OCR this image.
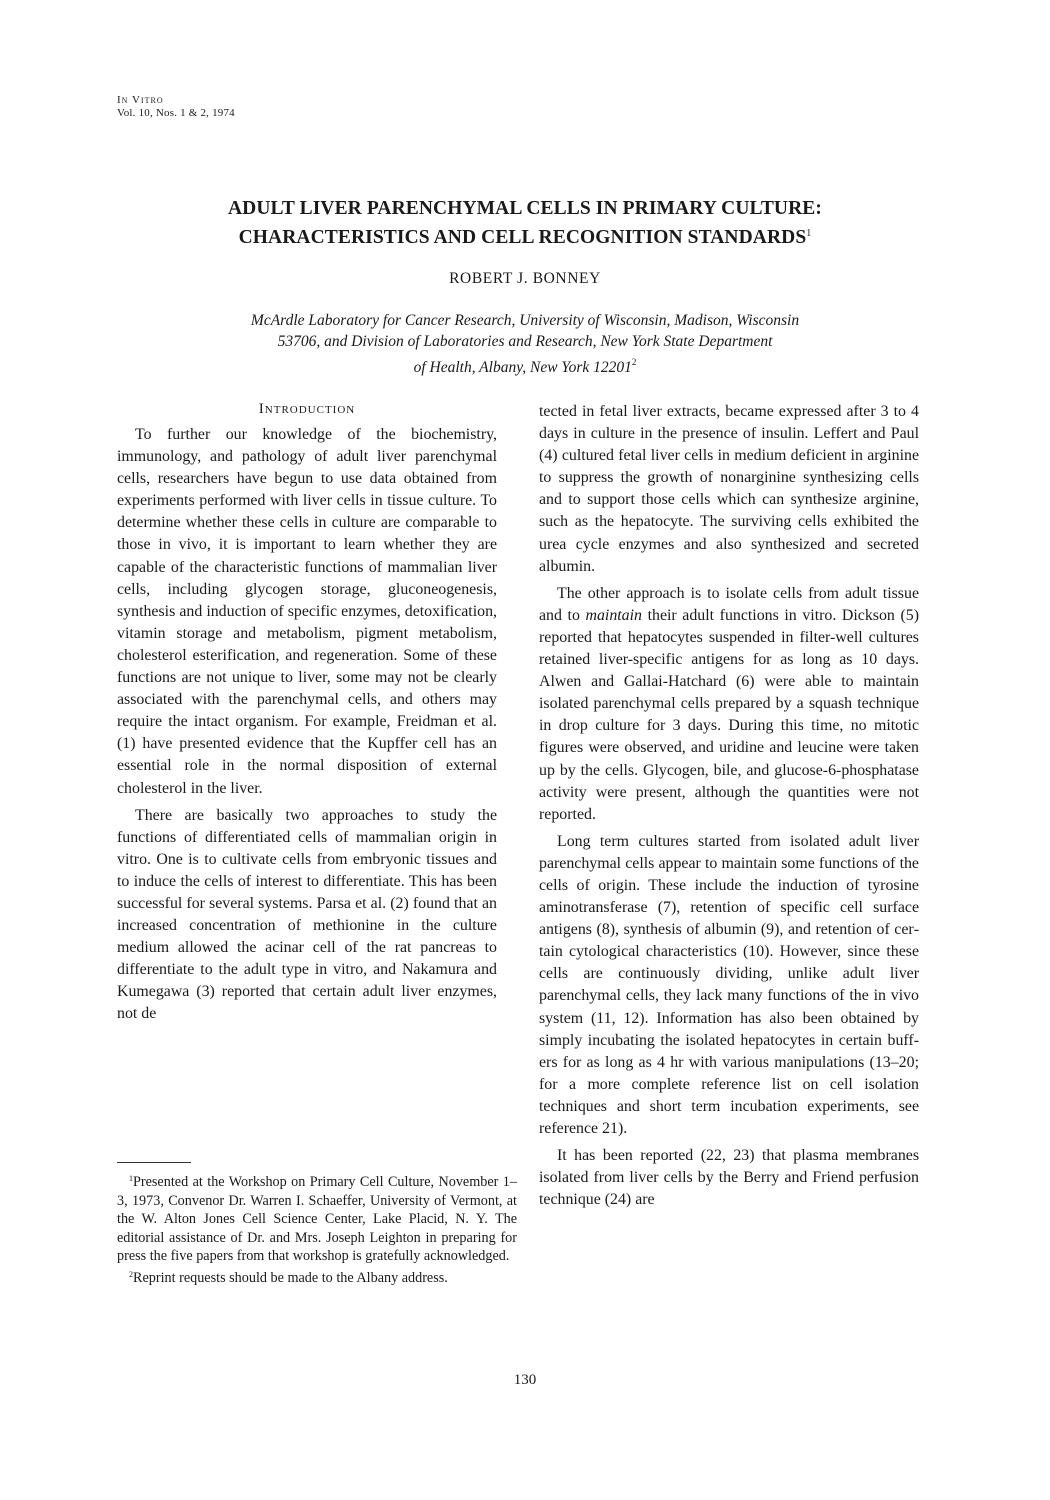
In Vitro
Vol. 10, Nos. 1 & 2, 1974
ADULT LIVER PARENCHYMAL CELLS IN PRIMARY CULTURE:
CHARACTERISTICS AND CELL RECOGNITION STANDARDS$^1$
ROBERT J. BONNEY
McArdle Laboratory for Cancer Research, University of Wisconsin, Madison, Wisconsin
53706, and Division of Laboratories and Research, New York State Department
of Health, Albany, New York 12201$^2$
Introduction

To further our knowledge of the biochemistry, immunology, and pathology of adult liver parenchymal cells, researchers have begun to use data obtained from experiments performed with liver cells in tissue culture. To determine whether these cells in culture are comparable to those in vivo, it is important to learn whether they are capable of the characteristic functions of mammalian liver cells, including glycogen storage, gluconeogenesis, synthesis and induction of specific enzymes, detoxification, vitamin storage and metabolism, pigment metabolism, cholesterol esterification, and regeneration. Some of these functions are not unique to liver, some may not be clearly associated with the parenchymal cells, and others may require the intact organism. For example, Freidman et al. (1) have presented evidence that the Kupffer cell has an essential role in the normal disposition of external cholesterol in the liver.

There are basically two approaches to study the functions of differentiated cells of mammalian origin in vitro. One is to cultivate cells from embryonic tissues and to induce the cells of interest to differentiate. This has been successful for several systems. Parsa et al. (2) found that an increased concentration of methionine in the culture medium allowed the acinar cell of the rat pancreas to differentiate to the adult type in vitro, and Nakamura and Kumegawa (3) reported that certain adult liver enzymes, not de

tected in fetal liver extracts, became expressed after 3 to 4 days in culture in the presence of insulin. Leffert and Paul (4) cultured fetal liver cells in medium deficient in arginine to suppress the growth of nonarginine synthesizing cells and to support those cells which can synthesize arginine, such as the hepatocyte. The surviving cells exhibited the urea cycle enzymes and also synthesized and secreted albumin.

The other approach is to isolate cells from adult tissue and to maintain their adult functions in vitro. Dickson (5) reported that hepatocytes suspended in filter-well cultures retained liver-specific antigens for as long as 10 days. Alwen and Gallai-Hatchard (6) were able to maintain isolated parenchymal cells prepared by a squash technique in drop culture for 3 days. During this time, no mitotic figures were observed, and uridine and leucine were taken up by the cells. Glycogen, bile, and glucose-6-phosphatase activity were present, although the quantities were not reported.

Long term cultures started from isolated adult liver parenchymal cells appear to maintain some functions of the cells of origin. These include the induction of tyrosine aminotransferase (7), retention of specific cell surface antigens (8), synthesis of albumin (9), and retention of certain cytological characteristics (10). However, since these cells are continuously dividing, unlike adult liver parenchymal cells, they lack many functions of the in vivo system (11, 12). Information has also been obtained by simply incubating the isolated hepatocytes in certain buffers for as long as 4 hr with various manipulations (13–20; for a more complete reference list on cell isolation techniques and short term incubation experiments, see reference 21).

It has been reported (22, 23) that plasma membranes isolated from liver cells by the Berry and Friend perfusion technique (24) are

$^1$Presented at the Workshop on Primary Cell Culture, November 1–3, 1973, Convenor Dr. Warren I. Schaeffer, University of Vermont, at the W. Alton Jones Cell Science Center, Lake Placid, N. Y. The editorial assistance of Dr. and Mrs. Joseph Leighton in preparing for press the five papers from that workshop is gratefully acknowledged.

$^2$Reprint requests should be made to the Albany address.

130
